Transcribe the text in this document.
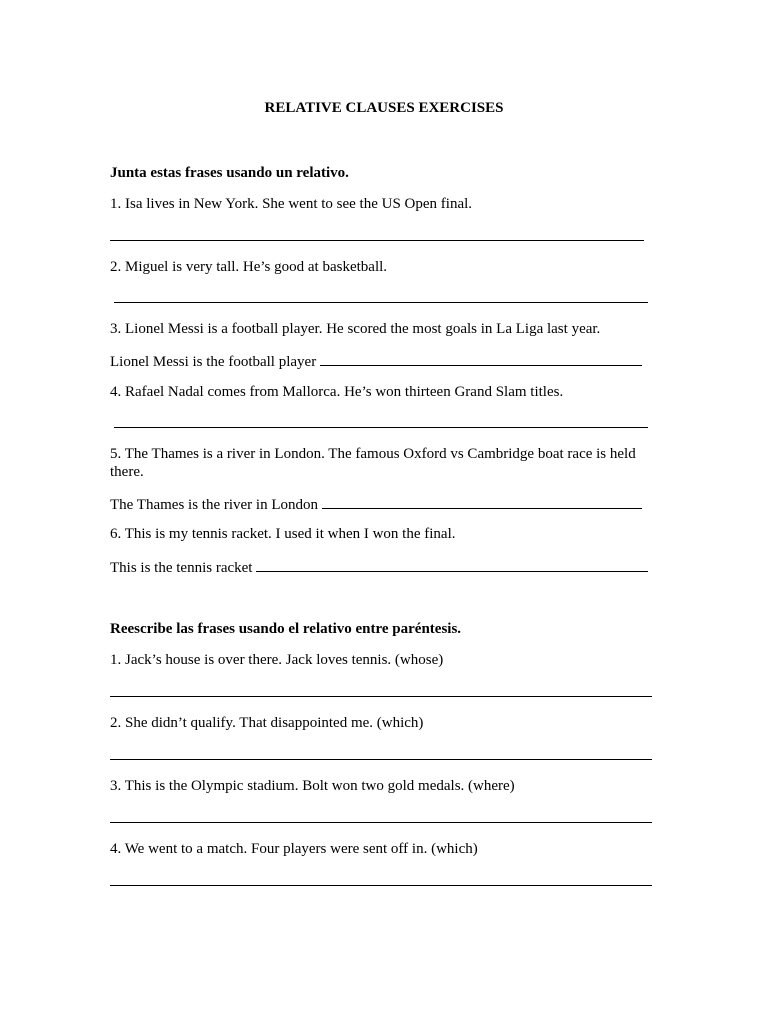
RELATIVE CLAUSES EXERCISES
Junta estas frases usando un relativo.
1. Isa lives in New York. She went to see the US Open final.
2. Miguel is very tall. He’s good at basketball.
3. Lionel Messi is a football player. He scored the most goals in La Liga last year.
Lionel Messi is the football player
4. Rafael Nadal comes from Mallorca. He’s won thirteen Grand Slam titles.
5. The Thames is a river in London. The famous Oxford vs Cambridge boat race is held there.
The Thames is the river in London
6. This is my tennis racket. I used it when I won the final.
This is the tennis racket
Reescribe las frases usando el relativo entre paréntesis.
1. Jack’s house is over there. Jack loves tennis. (whose)
2. She didn’t qualify. That disappointed me. (which)
3. This is the Olympic stadium. Bolt won two gold medals. (where)
4. We went to a match. Four players were sent off in. (which)
